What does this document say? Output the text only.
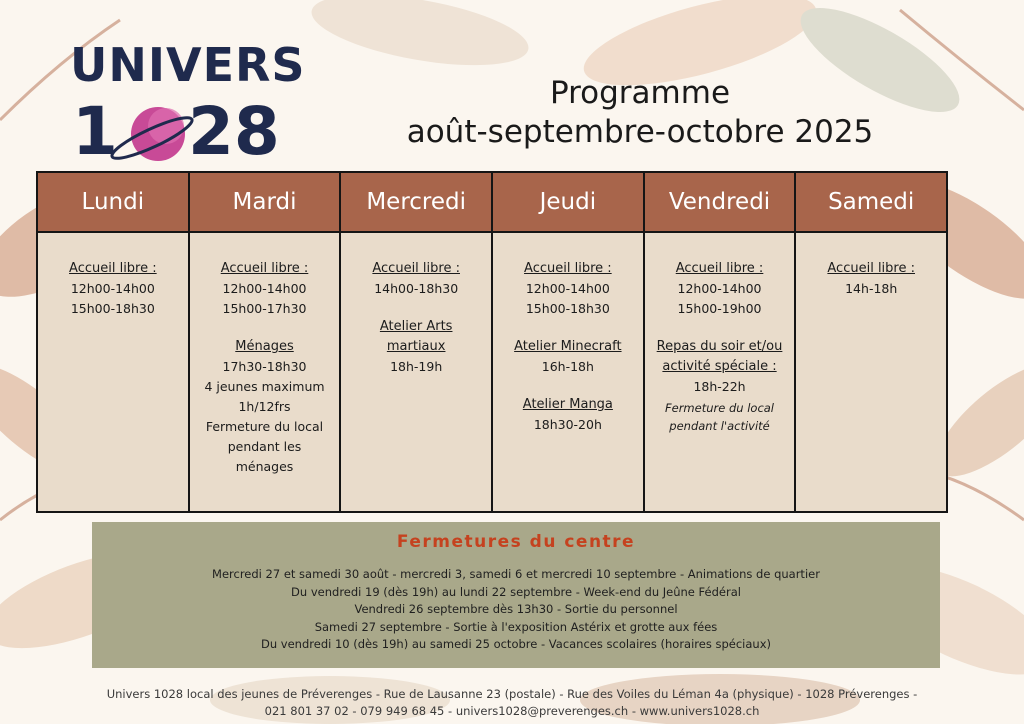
UNIVERS
1 28	Programme
août-septembre-octobre 2025
Lundi
Accueil libre :
12h00-14h00
15h00-18h30
Mardi
Accueil libre :
12h00-14h00
15h00-17h30
Ménages
17h30-18h30
4 jeunes maximum
1h/12frs
Fermeture du local
pendant les
ménages
Mercredi
Accueil libre :
14h00-18h30
Atelier Arts martiaux
18h-19h
Jeudi
Accueil libre :
12h00-14h00
15h00-18h30
Atelier Minecraft
16h-18h
Atelier Manga
18h30-20h
Vendredi
Accueil libre :
12h00-14h00
15h00-19h00
Repas du soir et/ou activité spéciale :
18h-22h
Fermeture du local pendant l'activité
Samedi
Accueil libre :
14h-18h
Fermetures du centre
Mercredi 27 et samedi 30 août - mercredi 3, samedi 6 et mercredi 10 septembre - Animations de quartier
Du vendredi 19 (dès 19h) au lundi 22 septembre - Week-end du Jeûne Fédéral
Vendredi 26 septembre dès 13h30 - Sortie du personnel
Samedi 27 septembre - Sortie à l'exposition Astérix et grotte aux fées
Du vendredi 10 (dès 19h) au samedi 25 octobre - Vacances scolaires (horaires spéciaux)
Univers 1028 local des jeunes de Préverenges - Rue de Lausanne 23 (postale) - Rue des Voiles du Léman 4a (physique) - 1028 Préverenges -
021 801 37 02 - 079 949 68 45 - univers1028@preverenges.ch - www.univers1028.ch
